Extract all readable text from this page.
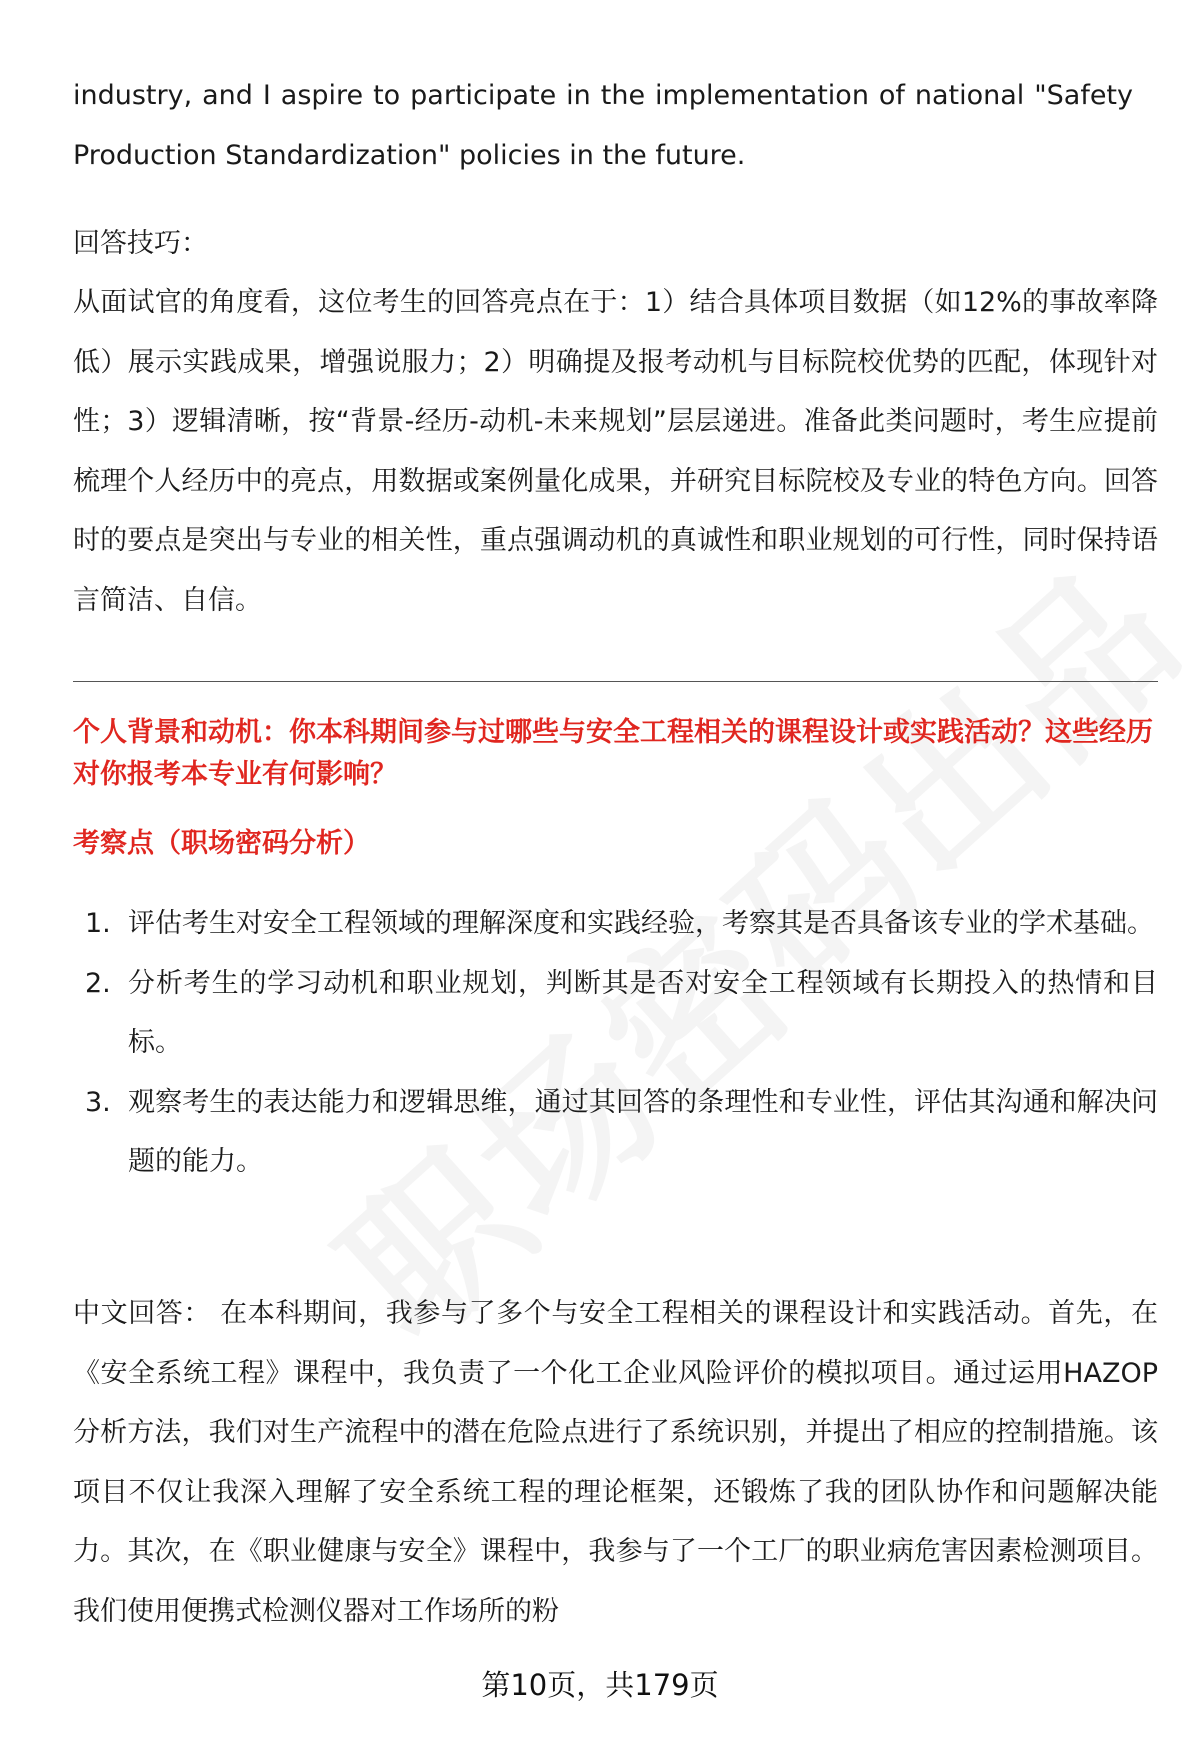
industry, and I aspire to participate in the implementation of national "Safety Production Standardization" policies in the future.

回答技巧：

从面试官的角度看，这位考生的回答亮点在于：1）结合具体项目数据（如12%的事故率降低）展示实践成果，增强说服力；2）明确提及报考动机与目标院校优势的匹配，体现针对性；3）逻辑清晰，按“背景-经历-动机-未来规划”层层递进。准备此类问题时，考生应提前梳理个人经历中的亮点，用数据或案例量化成果，并研究目标院校及专业的特色方向。回答时的要点是突出与专业的相关性，重点强调动机的真诚性和职业规划的可行性，同时保持语言简洁、自信。

个人背景和动机：你本科期间参与过哪些与安全工程相关的课程设计或实践活动？这些经历对你报考本专业有何影响？

考察点（职场密码分析）
1. 评估考生对安全工程领域的理解深度和实践经验，考察其是否具备该专业的学术基础。
2. 分析考生的学习动机和职业规划，判断其是否对安全工程领域有长期投入的热情和目标。
3. 观察考生的表达能力和逻辑思维，通过其回答的条理性和专业性，评估其沟通和解决问题的能力。

中文回答： 在本科期间，我参与了多个与安全工程相关的课程设计和实践活动。首先，在《安全系统工程》课程中，我负责了一个化工企业风险评价的模拟项目。通过运用HAZOP分析方法，我们对生产流程中的潜在危险点进行了系统识别，并提出了相应的控制措施。该项目不仅让我深入理解了安全系统工程的理论框架，还锻炼了我的团队协作和问题解决能力。其次，在《职业健康与安全》课程中，我参与了一个工厂的职业病危害因素检测项目。我们使用便携式检测仪器对工作场所的粉

第10页，共179页
